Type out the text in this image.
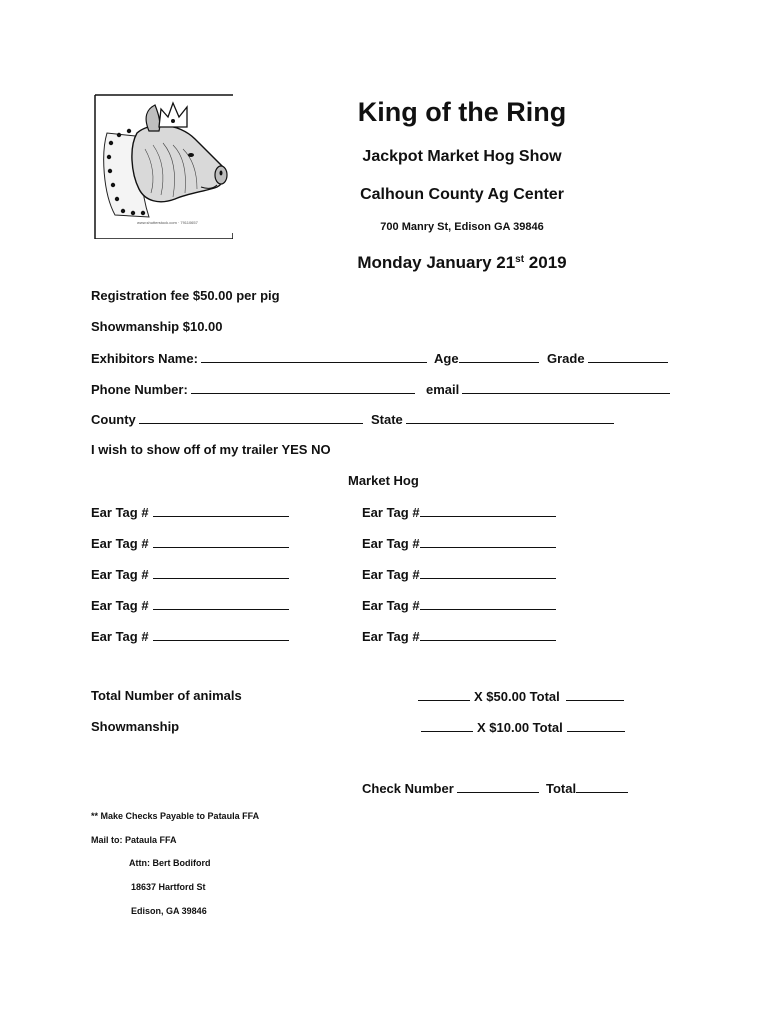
www.shutterstock.com · 79110657
King of the Ring
Jackpot Market Hog Show
Calhoun County Ag Center
700 Manry St, Edison GA 39846
Monday January 21st 2019
Registration fee $50.00 per pig
Showmanship $10.00
Exhibitors Name:	Age	Grade
Phone Number:	email
County	State
I wish to show off of my trailer YES NO
Market Hog
Ear Tag #	Ear Tag #
Ear Tag #	Ear Tag #
Ear Tag #	Ear Tag #
Ear Tag #	Ear Tag #
Ear Tag #	Ear Tag #
Total Number of animals	X $50.00 Total
Showmanship	X $10.00 Total
Check Number	Total
** Make Checks Payable to Pataula FFA
Mail to: Pataula FFA
Attn: Bert Bodiford
18637 Hartford St
Edison, GA 39846
